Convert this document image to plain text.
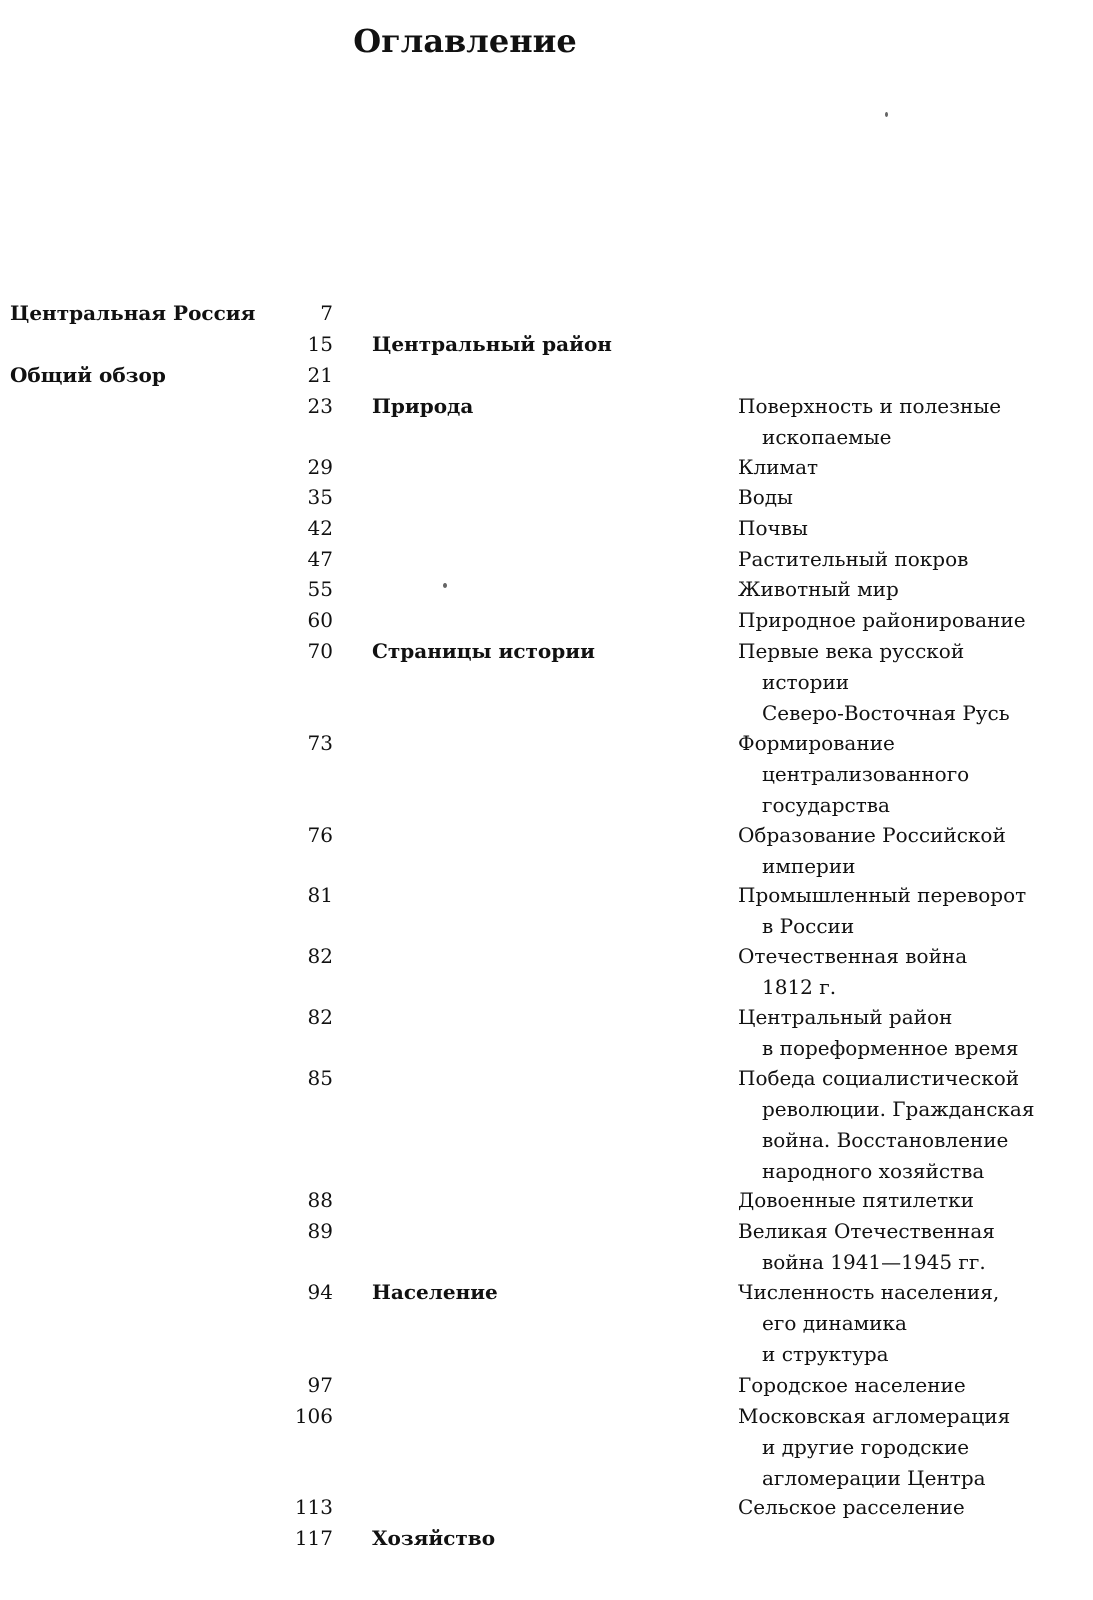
Оглавление
Центральная Россия	7
15 Центральный район
Общий обзор	21
23 Природа	Поверхность и полезные
ископаемые
29	Климат
35	Воды
42	Почвы
47	Растительный покров
55	Животный мир
60	Природное районирование
70 Страницы истории	Первые века русской
истории
Северо-Восточная Русь
73	Формирование
централизованного
государства
76	Образование Российской
империи
81	Промышленный переворот
в России
82	Отечественная война
1812 г.
82	Центральный район
в пореформенное время
85	Победа социалистической
революции. Гражданская
война. Восстановление
народного хозяйства
88	Довоенные пятилетки
89	Великая Отечественная
война 1941—1945 гг.
94 Население	Численность населения,
его динамика
и структура
97	Городское население
106	Московская агломерация
и другие городские
агломерации Центра
113	Сельское расселение
117 Хозяйство
